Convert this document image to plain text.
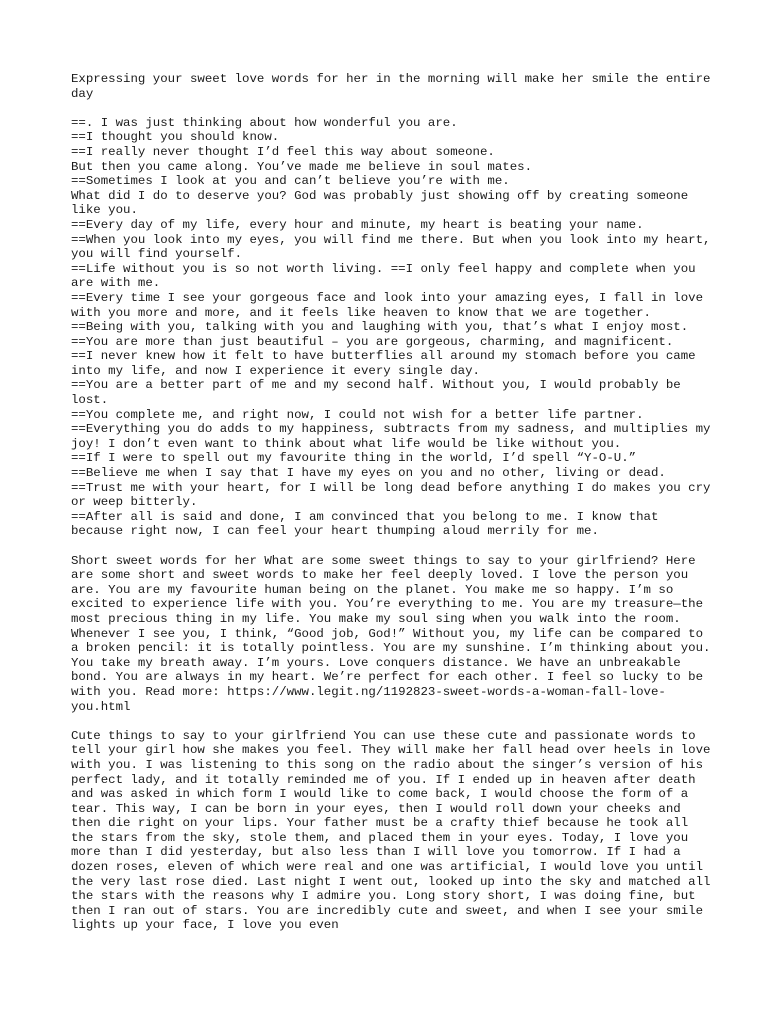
Expressing your sweet love words for her in the morning will make her smile the entire day

==. I was just thinking about how wonderful you are.
==I thought you should know.
==I really never thought I’d feel this way about someone.
But then you came along. You’ve made me believe in soul mates.
==Sometimes I look at you and can’t believe you’re with me.
What did I do to deserve you? God was probably just showing off by creating someone like you.
==Every day of my life, every hour and minute, my heart is beating your name.
==When you look into my eyes, you will find me there. But when you look into my heart, you will find yourself.
==Life without you is so not worth living. ==I only feel happy and complete when you are with me.
==Every time I see your gorgeous face and look into your amazing eyes, I fall in love with you more and more, and it feels like heaven to know that we are together.
==Being with you, talking with you and laughing with you, that’s what I enjoy most.
==You are more than just beautiful – you are gorgeous, charming, and magnificent.
==I never knew how it felt to have butterflies all around my stomach before you came into my life, and now I experience it every single day.
==You are a better part of me and my second half. Without you, I would probably be lost.
==You complete me, and right now, I could not wish for a better life partner.
==Everything you do adds to my happiness, subtracts from my sadness, and multiplies my joy! I don’t even want to think about what life would be like without you.
==If I were to spell out my favourite thing in the world, I’d spell “Y-O-U.”
==Believe me when I say that I have my eyes on you and no other, living or dead.
==Trust me with your heart, for I will be long dead before anything I do makes you cry or weep bitterly.
==After all is said and done, I am convinced that you belong to me. I know that because right now, I can feel your heart thumping aloud merrily for me.

Short sweet words for her What are some sweet things to say to your girlfriend? Here are some short and sweet words to make her feel deeply loved. I love the person you are. You are my favourite human being on the planet. You make me so happy. I’m so excited to experience life with you. You’re everything to me. You are my treasure—the most precious thing in my life. You make my soul sing when you walk into the room. Whenever I see you, I think, “Good job, God!” Without you, my life can be compared to a broken pencil: it is totally pointless. You are my sunshine. I’m thinking about you. You take my breath away. I’m yours. Love conquers distance. We have an unbreakable bond. You are always in my heart. We’re perfect for each other. I feel so lucky to be with you. Read more: https://www.legit.ng/1192823-sweet-words-a-woman-fall-love-you.html

Cute things to say to your girlfriend You can use these cute and passionate words to tell your girl how she makes you feel. They will make her fall head over heels in love with you. I was listening to this song on the radio about the singer’s version of his perfect lady, and it totally reminded me of you. If I ended up in heaven after death and was asked in which form I would like to come back, I would choose the form of a tear. This way, I can be born in your eyes, then I would roll down your cheeks and then die right on your lips. Your father must be a crafty thief because he took all the stars from the sky, stole them, and placed them in your eyes. Today, I love you more than I did yesterday, but also less than I will love you tomorrow. If I had a dozen roses, eleven of which were real and one was artificial, I would love you until the very last rose died. Last night I went out, looked up into the sky and matched all the stars with the reasons why I admire you. Long story short, I was doing fine, but then I ran out of stars. You are incredibly cute and sweet, and when I see your smile lights up your face, I love you even
